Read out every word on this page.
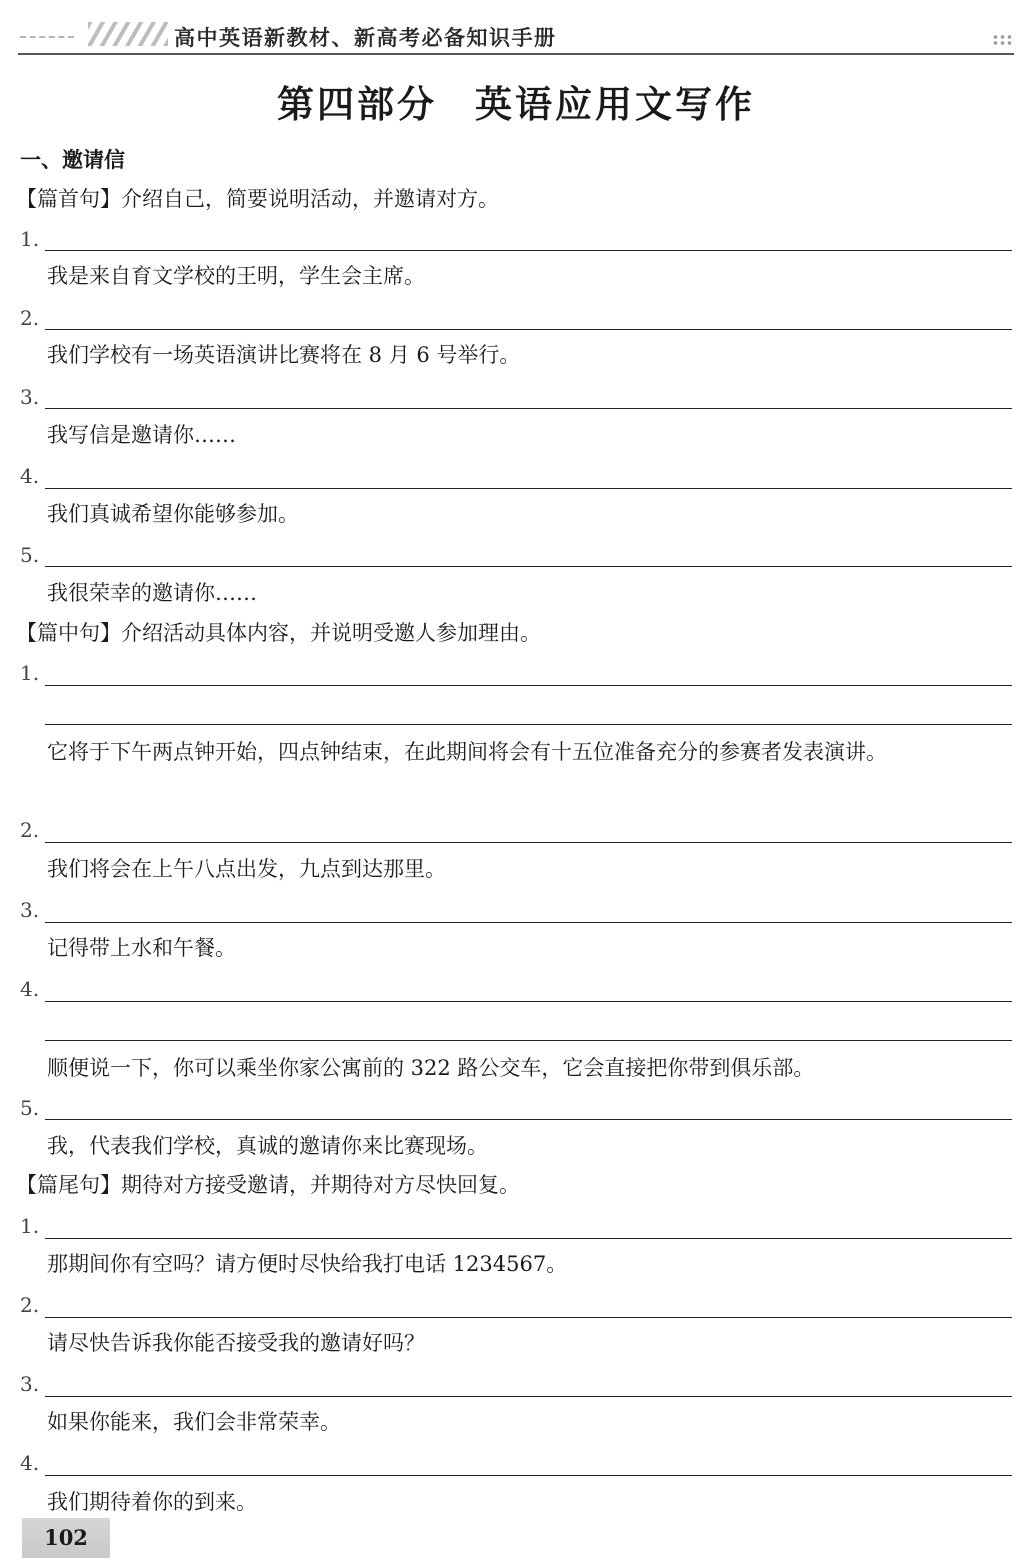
高中英语新教材、新高考必备知识手册
第四部分 英语应用文写作
一、邀请信
【篇首句】介绍自己，简要说明活动，并邀请对方。
1.
我是来自育文学校的王明，学生会主席。
2.
我们学校有一场英语演讲比赛将在 8 月 6 号举行。
3.
我写信是邀请你……
4.
我们真诚希望你能够参加。
5.
我很荣幸的邀请你……
【篇中句】介绍活动具体内容，并说明受邀人参加理由。
1.
它将于下午两点钟开始，四点钟结束，在此期间将会有十五位准备充分的参赛者发表演讲。
2.
我们将会在上午八点出发，九点到达那里。
3.
记得带上水和午餐。
4.
顺便说一下，你可以乘坐你家公寓前的 322 路公交车，它会直接把你带到俱乐部。
5.
我，代表我们学校，真诚的邀请你来比赛现场。
【篇尾句】期待对方接受邀请，并期待对方尽快回复。
1.
那期间你有空吗？请方便时尽快给我打电话 1234567。
2.
请尽快告诉我你能否接受我的邀请好吗？
3.
如果你能来，我们会非常荣幸。
4.
我们期待着你的到来。
102
